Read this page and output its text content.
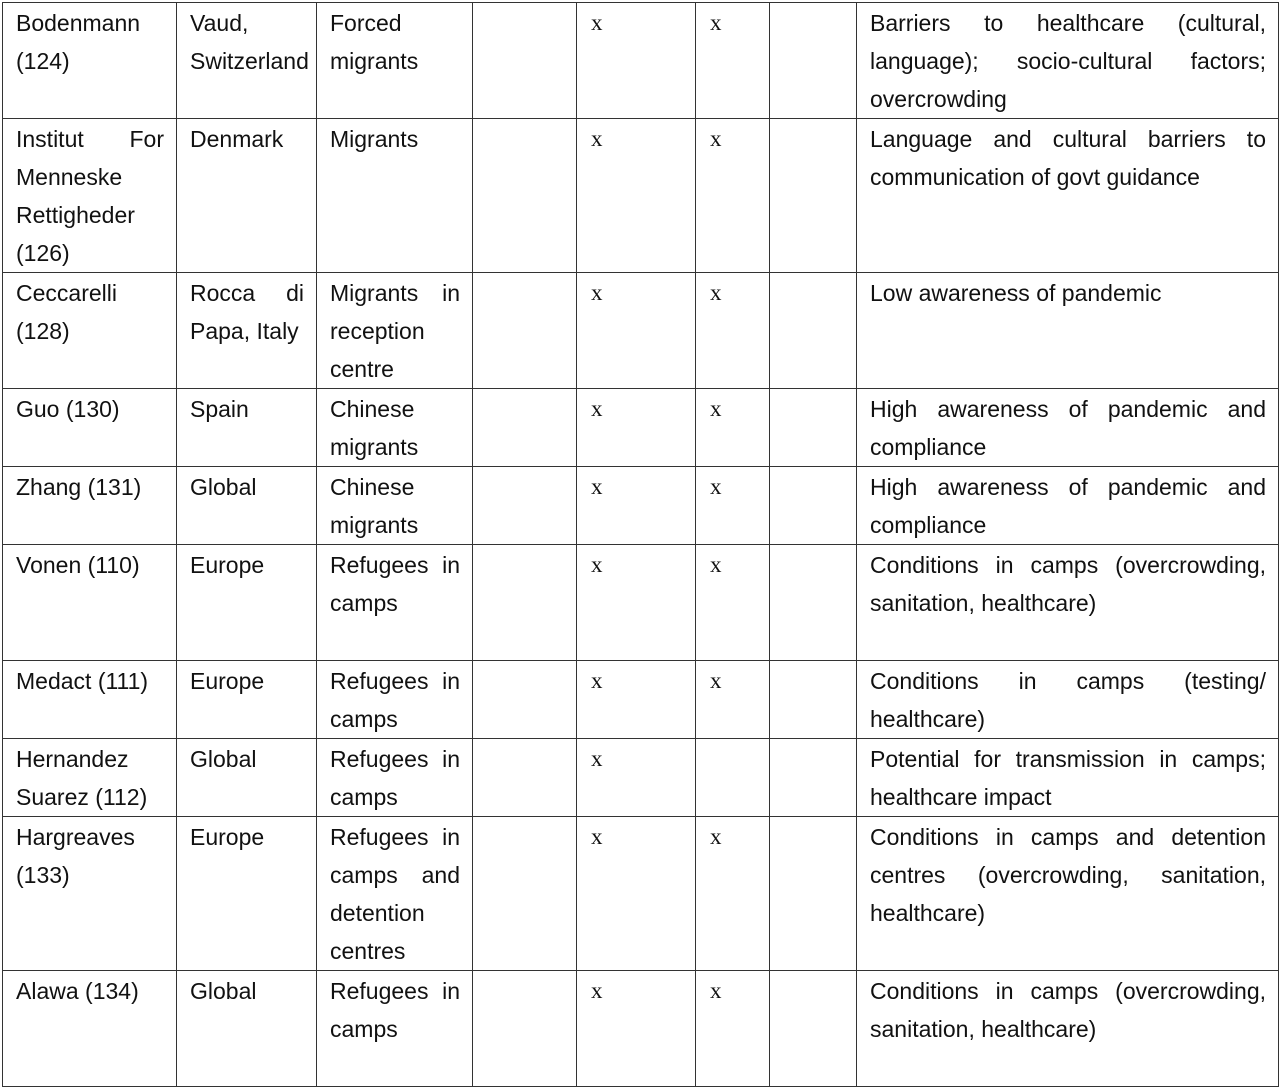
Bodenmann (124)	Vaud, Switzerland	Forced migrants		x	x		Barriers to healthcare (cultural, language); socio-cultural factors; overcrowding
Institut For Menneske Rettigheder (126)	Denmark	Migrants		x	x		Language and cultural barriers to communication of govt guidance
Ceccarelli (128)	Rocca di Papa, Italy	Migrants in reception centre		x	x		Low awareness of pandemic
Guo (130)	Spain	Chinese migrants		x	x		High awareness of pandemic and compliance
Zhang (131)	Global	Chinese migrants		x	x		High awareness of pandemic and compliance
Vonen (110)	Europe	Refugees in camps		x	x		Conditions in camps (overcrowding, sanitation, healthcare)
Medact (111)	Europe	Refugees in camps		x	x		Conditions in camps (testing/ healthcare)
Hernandez Suarez (112)	Global	Refugees in camps		x			Potential for transmission in camps; healthcare impact
Hargreaves (133)	Europe	Refugees in camps and detention centres		x	x		Conditions in camps and detention centres (overcrowding, sanitation, healthcare)
Alawa (134)	Global	Refugees in camps		x	x		Conditions in camps (overcrowding, sanitation, healthcare)
